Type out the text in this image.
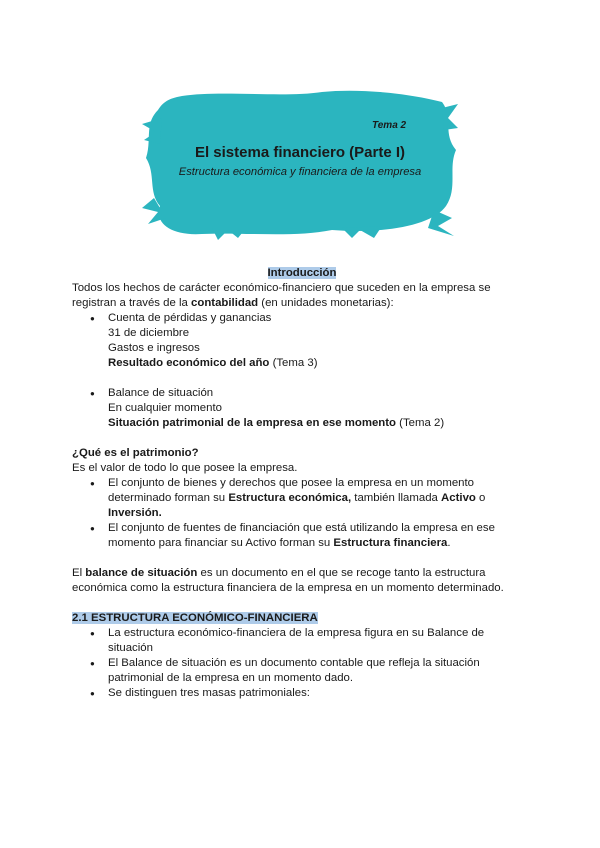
Tema 2
El sistema financiero (Parte I)
Estructura económica y financiera de la empresa

Introducción

Todos los hechos de carácter económico-financiero que suceden en la empresa se registran a través de la contabilidad (en unidades monetarias):

● Cuenta de pérdidas y ganancias
31 de diciembre
Gastos e ingresos
Resultado económico del año (Tema 3)
● Balance de situación
En cualquier momento
Situación patrimonial de la empresa en ese momento (Tema 2)

¿Qué es el patrimonio?

Es el valor de todo lo que posee la empresa.

● El conjunto de bienes y derechos que posee la empresa en un momento determinado forman su Estructura económica, también llamada Activo o Inversión.
● El conjunto de fuentes de financiación que está utilizando la empresa en ese momento para financiar su Activo forman su Estructura financiera.

El balance de situación es un documento en el que se recoge tanto la estructura económica como la estructura financiera de la empresa en un momento determinado.

2.1 ESTRUCTURA ECONÓMICO-FINANCIERA

● La estructura económico-financiera de la empresa figura en su Balance de situación
● El Balance de situación es un documento contable que refleja la situación patrimonial de la empresa en un momento dado.
● Se distinguen tres masas patrimoniales:
